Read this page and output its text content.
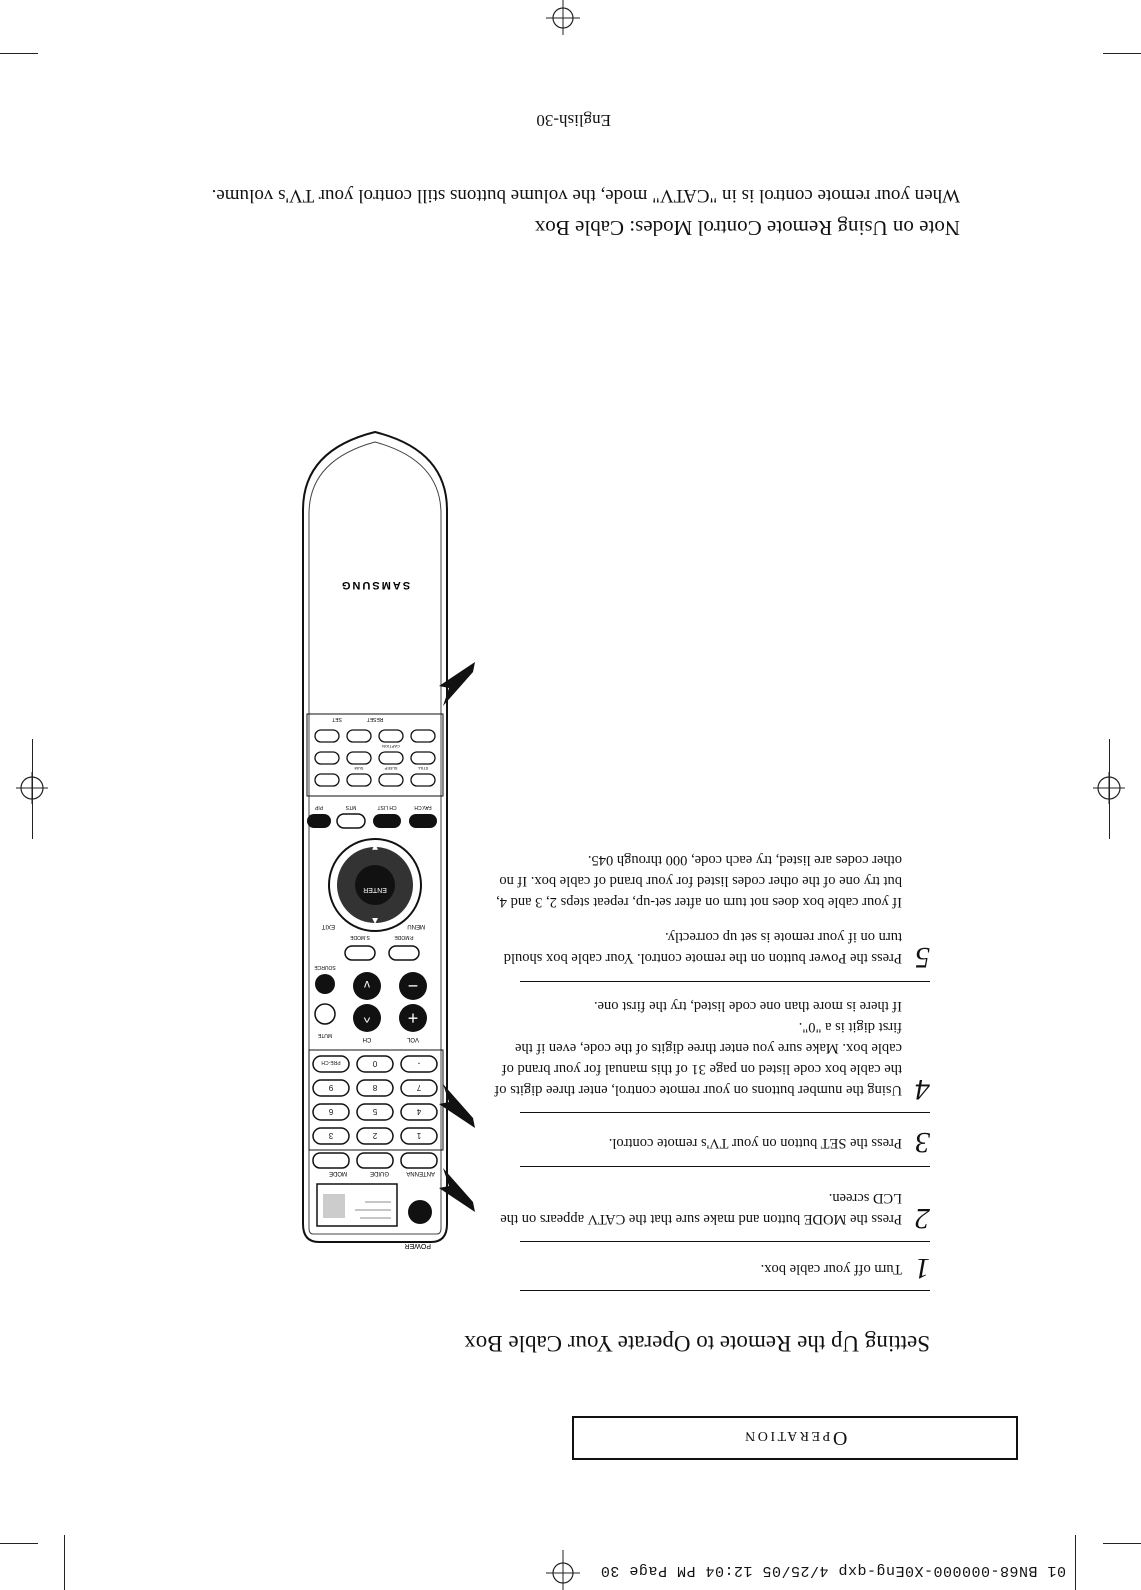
01 BN68-000000-X0Eng-qxp 4/25/05 12:04 PM Page 30
Operation
Setting Up the Remote to Operate Your Cable Box
1
Turn off your cable box.
2
Press the MODE button and make sure that the CATV appears on the LCD screen.
3
Press the SET button on your TV's remote control.
4
Using the number buttons on your remote control, enter three digits of the cable box code listed on page 31 of this manual for your brand of cable box. Make sure you enter three digits of the code, even if the first digit is a "0".
If there is more than one code listed, try the first one.
5
Press the Power button on the remote control. Your cable box should turn on if your remote is set up correctly.
If your cable box does not turn on after set-up, repeat steps 2, 3 and 4, but try one of the other codes listed for your brand of cable box. If no other codes are listed, try each code, 000 through 045.
POWER
ANTENNA
GUIDE
MODE
1
2
3
4
5
6
7
8
9
-
0
PRE-CH
VOL
CH
+
^
−
v
MUTE
SOURCE
P.MODE
S.MODE
ENTER
▲
▼
MENU
EXIT
FAV.CH
CH LIST
MTS
PIP
STILL
SLEEP
SUM
CAPTION
SET	RESET
SAMSUNG
Note on Using Remote Control Modes: Cable Box
When your remote control is in "CATV" mode, the volume buttons still control your TV's volume.
English-30
